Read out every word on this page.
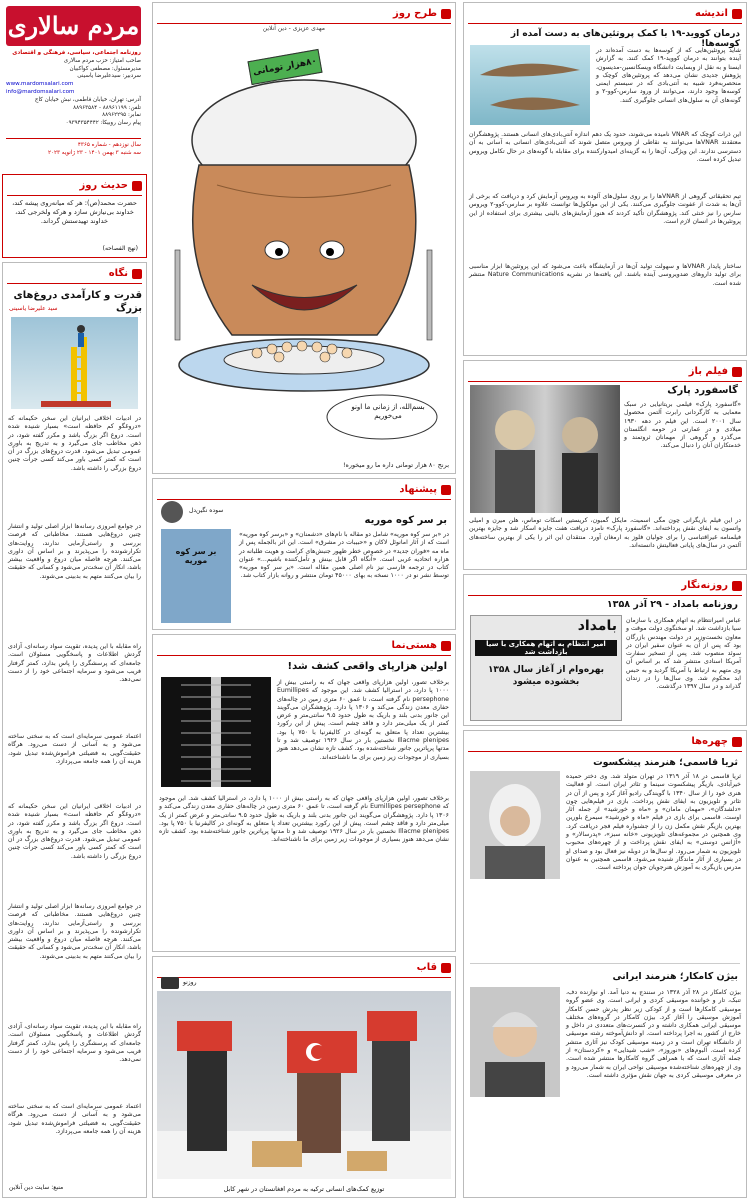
مردم سالاری
روزنامه اجتماعی، سیاسی، فرهنگی و اقتصادی
صاحب امتیاز: حزب مردم سالاری
مدیرمسئول: مصطفی کواکبیان
سردبیر: سیدعلیرضا یاسینی
www.mardomsalari.com
info@mardomsalari.com
آدرس: تهران، خیابان فاطمی، نبش خیابان کاج
تلفن: ۸۸۹۶۱۱۹۹ - ۸۸۹۶۳۵۸۴
نمابر: ۸۸۹۶۲۲۹۵
پیام رسان روبیکا: ۰۹۳۹۴۳۵۴۴۴۲
سال نوزدهم - شماره ۴۳۶۵
سه شنبه ۳ بهمن ۱۴۰۱ - ۲۳ ژانویه ۲۰۲۳
حدیث روز
حضرت محمد(ص): هر که میانه‌روی پیشه کند، خداوند بی‌نیازش سازد و هرکه ولخرجی کند، خداوند تهیدستش گرداند.
(نهج الفصاحه)
نگاه
قدرت و کارآمدی دروغ‌های بزرگ
سید علیرضا یاسینی
در ادبیات اخلاقی ایرانیان این سخن حکیمانه که «دروغگو کم حافظه است» بسیار شنیده شده است. دروغ اگر بزرگ باشد و مکرر گفته شود، در ذهن مخاطب جای می‌گیرد و به تدریج به باوری عمومی تبدیل می‌شود. قدرت دروغ‌های بزرگ در آن است که کمتر کسی باور می‌کند کسی جرأت چنین دروغ بزرگی را داشته باشد.
در جوامع امروزی رسانه‌ها ابزار اصلی تولید و انتشار چنین دروغ‌هایی هستند. مخاطبانی که فرصت بررسی و راستی‌آزمایی ندارند، روایت‌های تکرارشونده را می‌پذیرند و بر اساس آن داوری می‌کنند. هرچه فاصله میان دروغ و واقعیت بیشتر باشد، انکار آن سخت‌تر می‌شود و کسانی که حقیقت را بیان می‌کنند متهم به بدبینی می‌شوند.
راه مقابله با این پدیده، تقویت سواد رسانه‌ای، آزادی گردش اطلاعات و پاسخگویی مسئولان است. جامعه‌ای که پرسشگری را پاس بدارد، کمتر گرفتار فریب می‌شود و سرمایه اجتماعی خود را از دست نمی‌دهد.
اعتماد عمومی سرمایه‌ای است که به سختی ساخته می‌شود و به آسانی از دست می‌رود. هرگاه حقیقت‌گویی به فضیلتی فراموش‌شده تبدیل شود، هزینه آن را همه جامعه می‌پردازد.
در ادبیات اخلاقی ایرانیان این سخن حکیمانه که «دروغگو کم حافظه است» بسیار شنیده شده است. دروغ اگر بزرگ باشد و مکرر گفته شود، در ذهن مخاطب جای می‌گیرد و به تدریج به باوری عمومی تبدیل می‌شود. قدرت دروغ‌های بزرگ در آن است که کمتر کسی باور می‌کند کسی جرأت چنین دروغ بزرگی را داشته باشد.
در جوامع امروزی رسانه‌ها ابزار اصلی تولید و انتشار چنین دروغ‌هایی هستند. مخاطبانی که فرصت بررسی و راستی‌آزمایی ندارند، روایت‌های تکرارشونده را می‌پذیرند و بر اساس آن داوری می‌کنند. هرچه فاصله میان دروغ و واقعیت بیشتر باشد، انکار آن سخت‌تر می‌شود و کسانی که حقیقت را بیان می‌کنند متهم به بدبینی می‌شوند.
راه مقابله با این پدیده، تقویت سواد رسانه‌ای، آزادی گردش اطلاعات و پاسخگویی مسئولان است. جامعه‌ای که پرسشگری را پاس بدارد، کمتر گرفتار فریب می‌شود و سرمایه اجتماعی خود را از دست نمی‌دهد.
اعتماد عمومی سرمایه‌ای است که به سختی ساخته می‌شود و به آسانی از دست می‌رود. هرگاه حقیقت‌گویی به فضیلتی فراموش‌شده تبدیل شود، هزینه آن را همه جامعه می‌پردازد.
منبع: سایت دین آنلاین
طرح روز
مهدی عزیزی - دین آنلاین
۸۰هزار تومانی
بسم‌الله، از زمانی ما اونو می‌خوریم
برنج ۸۰ هزار تومانی داره ما رو میخوره!
پیشنهاد
سوده نگین‌دل
بر سر کوه موریه
بر سر کوه موریه
در «بر سر کوه موریه» شامل دو مقاله با نام‌های «دشمنان» و «برسر کوه موریه» است که از آثار امانوئل لاکان و «حبیبات در مشرق» است. این اثر بالجمله پس از ماه مه «فوران جدید» در خصوص خطر ظهور جنبش‌های کرامت و هویت‌ طلبانه در هزاره اتحادیه غربی است. «آنگاه اگر قابل بینش و تأمل‌کننده باشیم...» عنوان کتاب در ترجمه فارسی نیز نام اصلی همین مقاله است. «بر سر کوه موریه» توسط نشر نو در ۱۰۰۰ نسخه به بهای ۴۵۰۰۰ تومان منتشر و روانه بازار کتاب شد.
هستی‌نما
اولین هزارپای واقعی کشف شد!
برخلاف تصور، اولین هزارپای واقعی جهان که به راستی بیش از ۱۰۰۰ پا دارد، در استرالیا کشف شد. این موجود که Eumillipes persephone نام گرفته است، تا عمق ۶۰ متری زمین در چاله‌های حفاری معدن زندگی می‌کند و ۱۳۰۶ پا دارد. پژوهشگران می‌گویند این جانور بدنی بلند و باریک به طول حدود ۹.۵ سانتی‌متر و عرض کمتر از یک میلی‌متر دارد و فاقد چشم است. پیش از این رکورد بیشترین تعداد پا متعلق به گونه‌ای در کالیفرنیا با ۷۵۰ پا بود. Illacme plenipes نخستین بار در سال ۱۹۲۶ توصیف شد و تا مدتها پرپاترین جانور شناخته‌شده بود. کشف تازه نشان می‌دهد هنوز بسیاری از موجودات زیر زمین برای ما ناشناخته‌اند.
برخلاف تصور، اولین هزارپای واقعی جهان که به راستی بیش از ۱۰۰۰ پا دارد، در استرالیا کشف شد. این موجود که Eumillipes persephone نام گرفته است، تا عمق ۶۰ متری زمین در چاله‌های حفاری معدن زندگی می‌کند و ۱۳۰۶ پا دارد. پژوهشگران می‌گویند این جانور بدنی بلند و باریک به طول حدود ۹.۵ سانتی‌متر و عرض کمتر از یک میلی‌متر دارد و فاقد چشم است. پیش از این رکورد بیشترین تعداد پا متعلق به گونه‌ای در کالیفرنیا با ۷۵۰ پا بود. Illacme plenipes نخستین بار در سال ۱۹۲۶ توصیف شد و تا مدتها پرپاترین جانور شناخته‌شده بود. کشف تازه نشان می‌دهد هنوز بسیاری از موجودات زیر زمین برای ما ناشناخته‌اند.
قاب
روزنو
توزیع کمک‌های انسانی ترکیه به مردم افغانستان در شهر کابل
اندیشه
درمان کووید-۱۹ با کمک پروتئین‌های به دست آمده از کوسه‌ها!
شاید پروتئین‌هایی که از کوسه‌ها به دست آمده‌اند در آینده بتوانند به درمان کووید-۱۹ کمک کنند. به گزارش ایسنا و به نقل از وبسایت دانشگاه ویسکانسین-مدیسون، پژوهش جدیدی نشان می‌دهد که پروتئین‌های کوچک و منحصربه‌فرد شبیه به آنتی‌بادی که در سیستم ایمنی کوسه‌ها وجود دارند، می‌توانند از ورود سارس-کوو-۲ و گونه‌های آن به سلول‌های انسانی جلوگیری کنند.
این ذرات کوچک که VNAR نامیده می‌شوند، حدود یک دهم اندازه آنتی‌بادی‌های انسانی هستند. پژوهشگران معتقدند VNARها می‌توانند به نقاطی از ویروس متصل شوند که آنتی‌بادی‌های انسانی به آسانی به آن دسترسی ندارند. این ویژگی، آن‌ها را به گزینه‌ای امیدوارکننده برای مقابله با گونه‌های در حال تکامل ویروس تبدیل کرده است.
تیم تحقیقاتی گروهی از VNARها را بر روی سلول‌های آلوده به ویروس آزمایش کرد و دریافت که برخی از آن‌ها به شدت از عفونت جلوگیری می‌کنند. یکی از این مولکول‌ها توانست علاوه بر سارس-کوو-۲ ویروس سارس را نیز خنثی کند. پژوهشگران تأکید کردند که هنوز آزمایش‌های بالینی بیشتری برای استفاده از این پروتئین‌ها در انسان لازم است.
ساختار پایدار VNARها و سهولت تولید آن‌ها در آزمایشگاه باعث می‌شود که این پروتئین‌ها ابزار مناسبی برای تولید داروهای ضدویروسی آینده باشند. این یافته‌ها در نشریه Nature Communications منتشر شده است.
فیلم باز
گاسفورد پارک
«گاسفورد پارک» فیلمی بریتانیایی در سبک معمایی به کارگردانی رابرت آلتمن محصول سال ۲۰۰۱ است. این فیلم در دهه ۱۹۳۰ میلادی و در عمارتی در حومه انگلستان می‌گذرد و گروهی از مهمانان ثروتمند و خدمتکاران آنان را دنبال می‌کند.
در این فیلم بازیگرانی چون مگی اسمیت، مایکل گمبون، کریستین اسکات توماس، هلن میرن و امیلی واتسون به ایفای نقش پرداخته‌اند. «گاسفورد پارک» نامزد دریافت هفت جایزه اسکار شد و جایزه بهترین فیلمنامه غیراقتباسی را برای جولیان فلوز به ارمغان آورد. منتقدان این اثر را یکی از بهترین ساخته‌های آلتمن در سال‌های پایانی فعالیتش دانسته‌اند.
روزنه‌نگار
روزنامه بامداد - ۲۹ آذر ۱۳۵۸
بامداد
امیر انتظام به اتهام همکاری با سیا بازداشت شد
بهره‌وام از آغاز سال ۱۳۵۸ بخشوده میشود
عباس امیرانتظام به اتهام همکاری با سازمان سیا بازداشت شد. او سخنگوی دولت موقت و معاون نخست‌وزیر در دولت مهندس بازرگان بود که پس از آن به عنوان سفیر ایران در سوئد منصوب شد. پس از تسخیر سفارت آمریکا اسنادی منتشر شد که بر اساس آن وی متهم به ارتباط با آمریکا گردید و به حبس ابد محکوم شد. وی سال‌ها را در زندان گذراند و در سال ۱۳۹۷ درگذشت.
چهره‌ها
ثریا قاسمی؛ هنرمند پیشکسوت
ثریا قاسمی در ۱۸ آذر ۱۳۱۹ در تهران متولد شد. وی دختر حمیده خیرآبادی، بازیگر پیشکسوت سینما و تئاتر ایران است. او فعالیت هنری خود را از سال ۱۳۴۰ با گویندگی رادیو آغاز کرد و پس از آن در تئاتر و تلویزیون به ایفای نقش پرداخت. بازی در فیلم‌هایی چون «دلشدگان»، «مهمان مامان» و «ماه و خورشید» از جمله آثار اوست. قاسمی برای بازی در فیلم «ماه و خورشید» سیمرغ بلورین بهترین بازیگر نقش مکمل زن را از جشنواره فیلم فجر دریافت کرد. وی همچنین در مجموعه‌های تلویزیونی «خانه سبز»، «پدرسالار» و «آژانس دوستی» به ایفای نقش پرداخت و از چهره‌های محبوب تلویزیون به شمار می‌رود. او سال‌ها در دوبله نیز فعال بود و صدای او در بسیاری از آثار ماندگار شنیده می‌شود. قاسمی همچنین به عنوان مدرس بازیگری به آموزش هنرجویان جوان پرداخته است.
بیژن کامکار؛ هنرمند ایرانی
بیژن کامکار در ۲۸ آذر ۱۳۲۸ در سنندج به دنیا آمد. او نوازنده دف، تنبک، تار و خواننده موسیقی کردی و ایرانی است. وی عضو گروه موسیقی کامکارها است و از کودکی زیر نظر پدرش حسن کامکار آموزش موسیقی را آغاز کرد. بیژن کامکار در گروه‌های مختلف موسیقی ایرانی همکاری داشته و در کنسرت‌های متعددی در داخل و خارج از کشور به اجرا پرداخته است. او دانش‌آموخته رشته موسیقی از دانشگاه تهران است و در زمینه موسیقی کودک نیز آثاری منتشر کرده است. آلبوم‌های «نوروز»، «شب شیدایی» و «کردستان» از جمله آثاری است که با همراهی گروه کامکارها منتشر شده است. وی از چهره‌های شناخته‌شده موسیقی نواحی ایران به شمار می‌رود و در معرفی موسیقی کردی به جهان نقش مؤثری داشته است.
